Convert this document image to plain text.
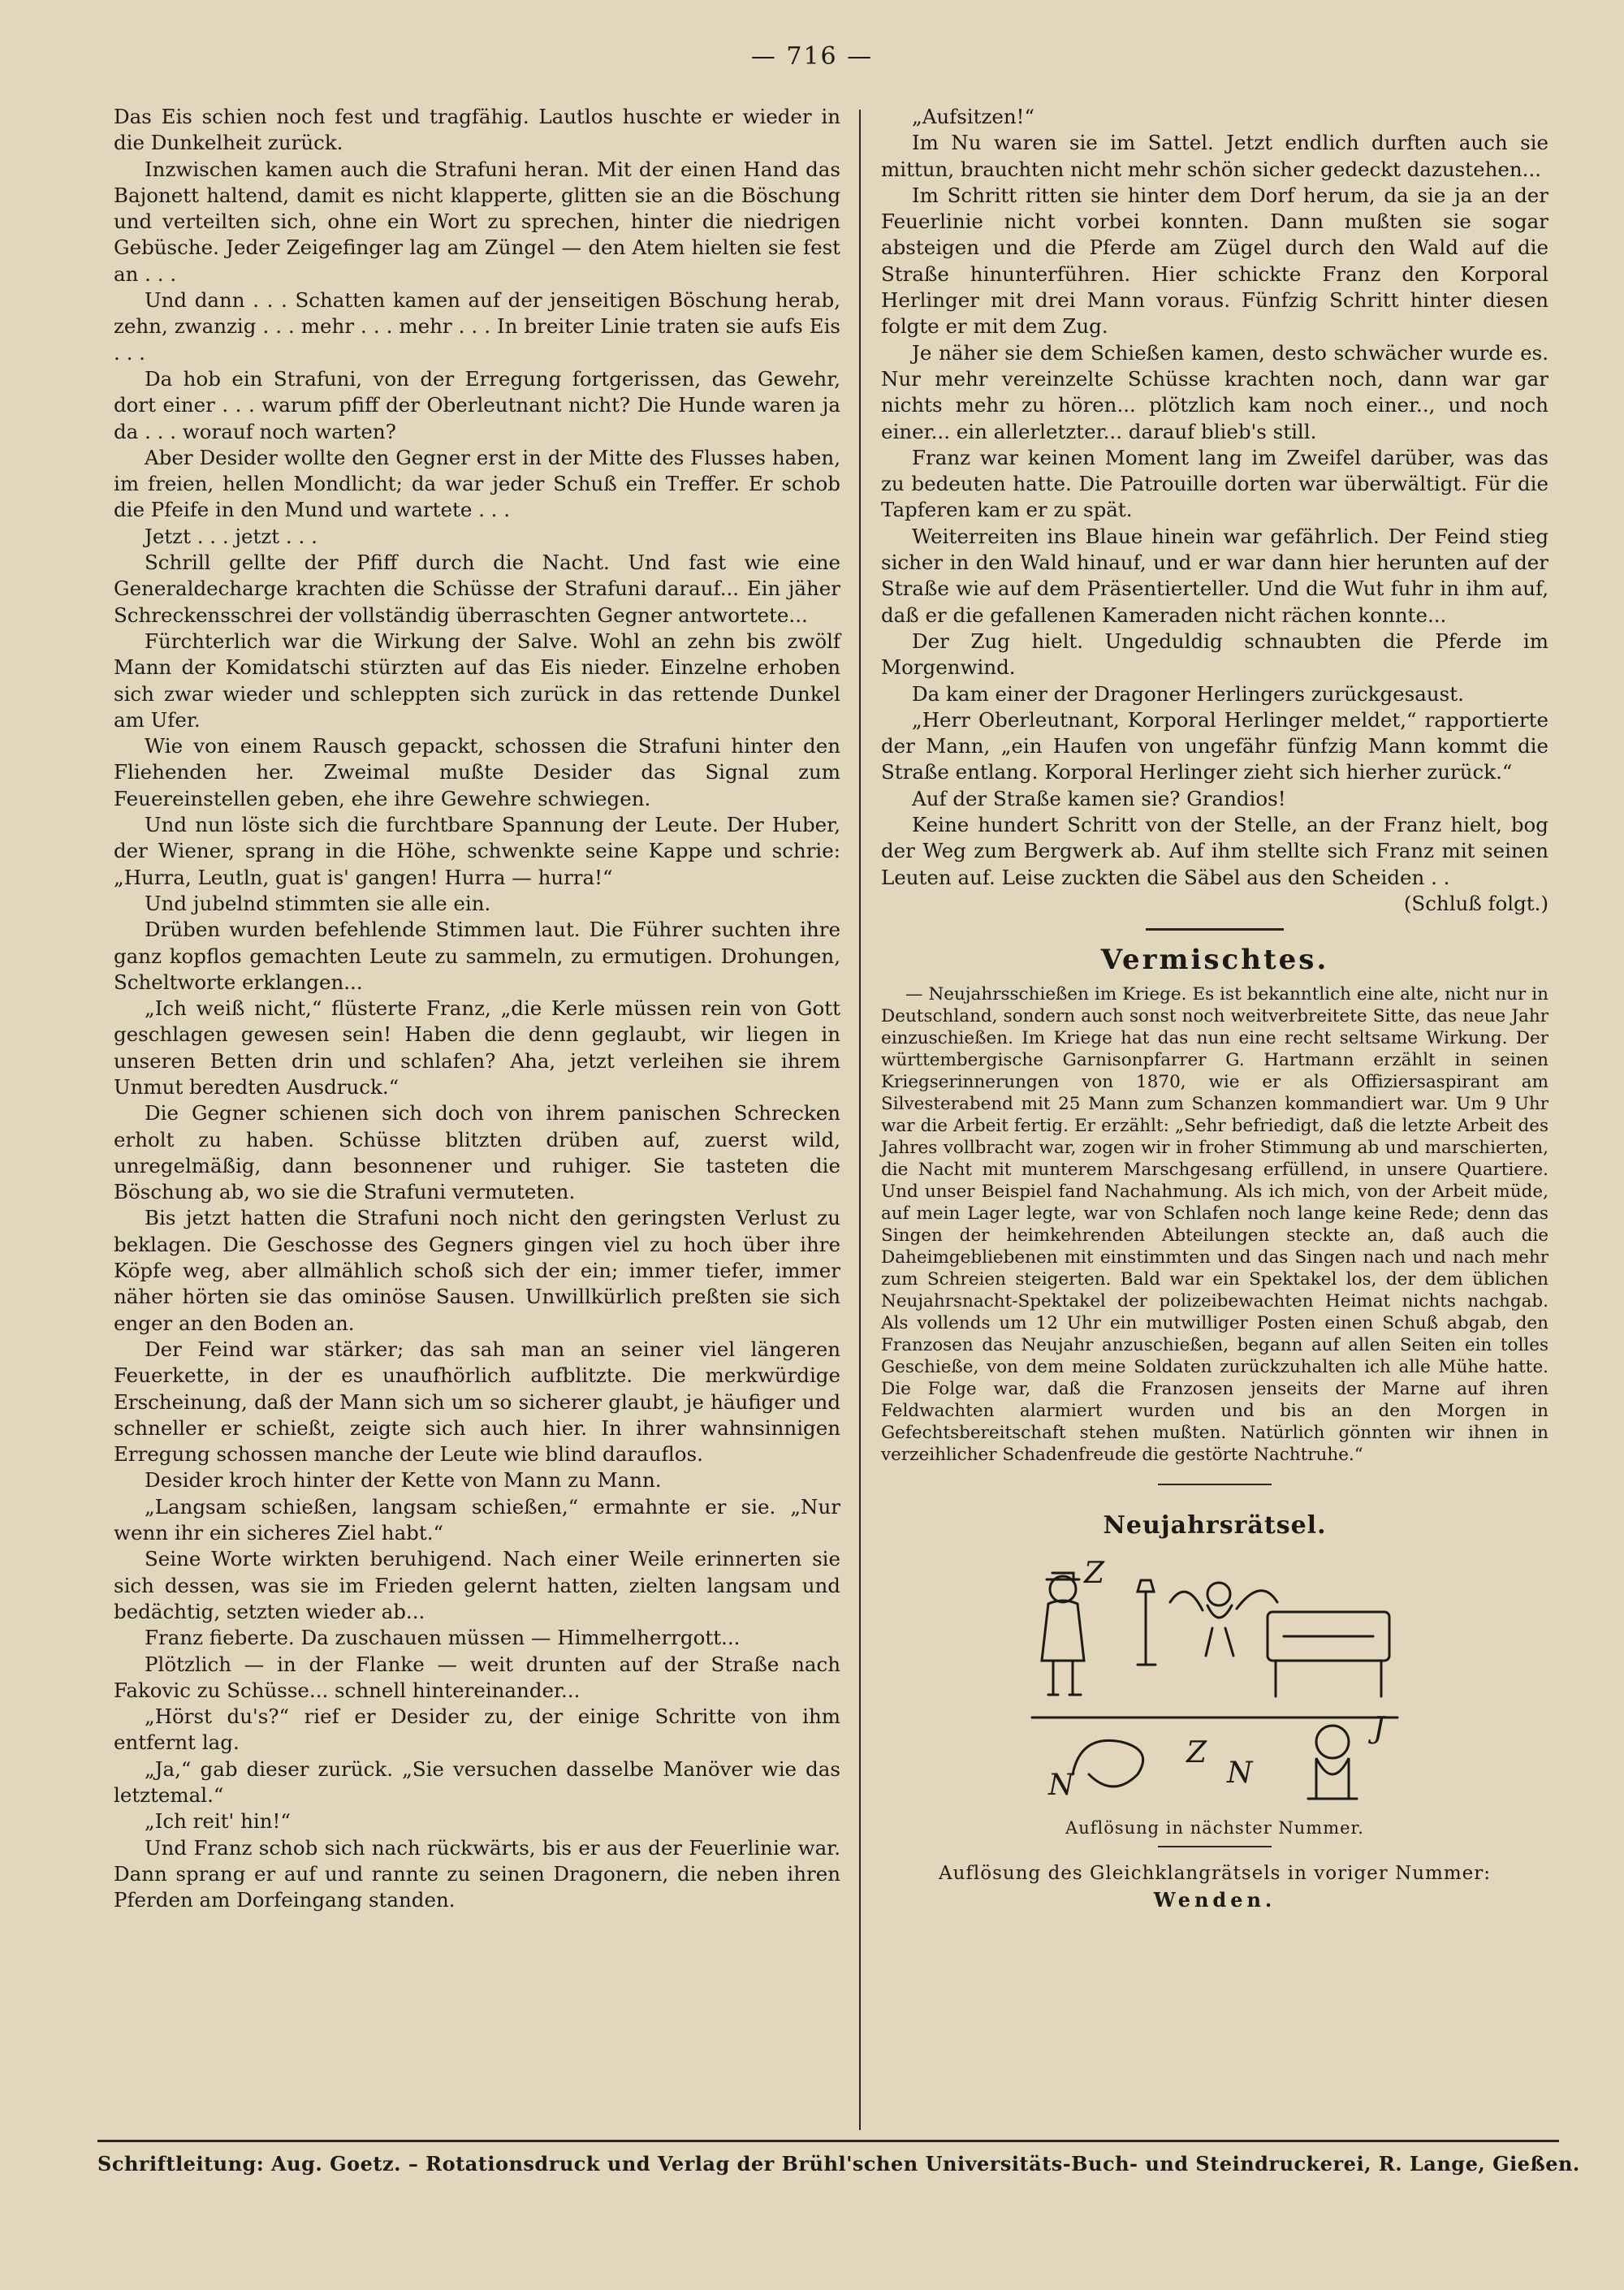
— 716 —

Das Eis schien noch fest und tragfähig. Lautlos huschte er wieder in die Dunkelheit zurück.

Inzwischen kamen auch die Strafuni heran. Mit der einen Hand das Bajonett haltend, damit es nicht klapperte, glitten sie an die Böschung und verteilten sich, ohne ein Wort zu sprechen, hinter die niedrigen Gebüsche. Jeder Zeigefinger lag am Züngel — den Atem hielten sie fest an . . .

Und dann . . . Schatten kamen auf der jenseitigen Böschung herab, zehn, zwanzig . . . mehr . . . mehr . . . In breiter Linie traten sie aufs Eis . . .

Da hob ein Strafuni, von der Erregung fortgerissen, das Gewehr, dort einer . . . warum pfiff der Oberleutnant nicht? Die Hunde waren ja da . . . worauf noch warten?

Aber Desider wollte den Gegner erst in der Mitte des Flusses haben, im freien, hellen Mondlicht; da war jeder Schuß ein Treffer. Er schob die Pfeife in den Mund und wartete . . .

Jetzt . . . jetzt . . .

Schrill gellte der Pfiff durch die Nacht. Und fast wie eine Generaldecharge krachten die Schüsse der Strafuni darauf... Ein jäher Schreckensschrei der vollständig überraschten Gegner antwortete...

Fürchterlich war die Wirkung der Salve. Wohl an zehn bis zwölf Mann der Komidatschi stürzten auf das Eis nieder. Einzelne erhoben sich zwar wieder und schleppten sich zurück in das rettende Dunkel am Ufer.

Wie von einem Rausch gepackt, schossen die Strafuni hinter den Fliehenden her. Zweimal mußte Desider das Signal zum Feuereinstellen geben, ehe ihre Gewehre schwiegen.

Und nun löste sich die furchtbare Spannung der Leute. Der Huber, der Wiener, sprang in die Höhe, schwenkte seine Kappe und schrie: „Hurra, Leutln, guat is' gangen! Hurra — hurra!“

Und jubelnd stimmten sie alle ein.

Drüben wurden befehlende Stimmen laut. Die Führer suchten ihre ganz kopflos gemachten Leute zu sammeln, zu ermutigen. Drohungen, Scheltworte erklangen...

„Ich weiß nicht,“ flüsterte Franz, „die Kerle müssen rein von Gott geschlagen gewesen sein! Haben die denn geglaubt, wir liegen in unseren Betten drin und schlafen? Aha, jetzt verleihen sie ihrem Unmut beredten Ausdruck.“

Die Gegner schienen sich doch von ihrem panischen Schrecken erholt zu haben. Schüsse blitzten drüben auf, zuerst wild, unregelmäßig, dann besonnener und ruhiger. Sie tasteten die Böschung ab, wo sie die Strafuni vermuteten.

Bis jetzt hatten die Strafuni noch nicht den geringsten Verlust zu beklagen. Die Geschosse des Gegners gingen viel zu hoch über ihre Köpfe weg, aber allmählich schoß sich der ein; immer tiefer, immer näher hörten sie das ominöse Sausen. Unwillkürlich preßten sie sich enger an den Boden an.

Der Feind war stärker; das sah man an seiner viel längeren Feuerkette, in der es unaufhörlich aufblitzte. Die merkwürdige Erscheinung, daß der Mann sich um so sicherer glaubt, je häufiger und schneller er schießt, zeigte sich auch hier. In ihrer wahnsinnigen Erregung schossen manche der Leute wie blind darauflos.

Desider kroch hinter der Kette von Mann zu Mann.

„Langsam schießen, langsam schießen,“ ermahnte er sie. „Nur wenn ihr ein sicheres Ziel habt.“

Seine Worte wirkten beruhigend. Nach einer Weile erinnerten sie sich dessen, was sie im Frieden gelernt hatten, zielten langsam und bedächtig, setzten wieder ab...

Franz fieberte. Da zuschauen müssen — Himmelherrgott...

Plötzlich — in der Flanke — weit drunten auf der Straße nach Fakovic zu Schüsse... schnell hintereinander...

„Hörst du's?“ rief er Desider zu, der einige Schritte von ihm entfernt lag.

„Ja,“ gab dieser zurück. „Sie versuchen dasselbe Manöver wie das letztemal.“

„Ich reit' hin!“

Und Franz schob sich nach rückwärts, bis er aus der Feuerlinie war. Dann sprang er auf und rannte zu seinen Dragonern, die neben ihren Pferden am Dorfeingang standen.

„Aufsitzen!“

Im Nu waren sie im Sattel. Jetzt endlich durften auch sie mittun, brauchten nicht mehr schön sicher gedeckt dazustehen...

Im Schritt ritten sie hinter dem Dorf herum, da sie ja an der Feuerlinie nicht vorbei konnten. Dann mußten sie sogar absteigen und die Pferde am Zügel durch den Wald auf die Straße hinunterführen. Hier schickte Franz den Korporal Herlinger mit drei Mann voraus. Fünfzig Schritt hinter diesen folgte er mit dem Zug.

Je näher sie dem Schießen kamen, desto schwächer wurde es. Nur mehr vereinzelte Schüsse krachten noch, dann war gar nichts mehr zu hören... plötzlich kam noch einer.., und noch einer... ein allerletzter... darauf blieb's still.

Franz war keinen Moment lang im Zweifel darüber, was das zu bedeuten hatte. Die Patrouille dorten war überwältigt. Für die Tapferen kam er zu spät.

Weiterreiten ins Blaue hinein war gefährlich. Der Feind stieg sicher in den Wald hinauf, und er war dann hier herunten auf der Straße wie auf dem Präsentierteller. Und die Wut fuhr in ihm auf, daß er die gefallenen Kameraden nicht rächen konnte...

Der Zug hielt. Ungeduldig schnaubten die Pferde im Morgenwind.

Da kam einer der Dragoner Herlingers zurückgesaust.

„Herr Oberleutnant, Korporal Herlinger meldet,“ rapportierte der Mann, „ein Haufen von ungefähr fünfzig Mann kommt die Straße entlang. Korporal Herlinger zieht sich hierher zurück.“

Auf der Straße kamen sie? Grandios!

Keine hundert Schritt von der Stelle, an der Franz hielt, bog der Weg zum Bergwerk ab. Auf ihm stellte sich Franz mit seinen Leuten auf. Leise zuckten die Säbel aus den Scheiden . .

(Schluß folgt.)

Vermischtes.

— Neujahrsschießen im Kriege. Es ist bekanntlich eine alte, nicht nur in Deutschland, sondern auch sonst noch weitverbreitete Sitte, das neue Jahr einzuschießen. Im Kriege hat das nun eine recht seltsame Wirkung. Der württembergische Garnisonpfarrer G. Hartmann erzählt in seinen Kriegserinnerungen von 1870, wie er als Offiziersaspirant am Silvesterabend mit 25 Mann zum Schanzen kommandiert war. Um 9 Uhr war die Arbeit fertig. Er erzählt: „Sehr befriedigt, daß die letzte Arbeit des Jahres vollbracht war, zogen wir in froher Stimmung ab und marschierten, die Nacht mit munterem Marschgesang erfüllend, in unsere Quartiere. Und unser Beispiel fand Nachahmung. Als ich mich, von der Arbeit müde, auf mein Lager legte, war von Schlafen noch lange keine Rede; denn das Singen der heimkehrenden Abteilungen steckte an, daß auch die Daheimgebliebenen mit einstimmten und das Singen nach und nach mehr zum Schreien steigerten. Bald war ein Spektakel los, der dem üblichen Neujahrsnacht-Spektakel der polizeibewachten Heimat nichts nachgab. Als vollends um 12 Uhr ein mutwilliger Posten einen Schuß abgab, den Franzosen das Neujahr anzuschießen, begann auf allen Seiten ein tolles Geschieße, von dem meine Soldaten zurückzuhalten ich alle Mühe hatte. Die Folge war, daß die Franzosen jenseits der Marne auf ihren Feldwachten alarmiert wurden und bis an den Morgen in Gefechtsbereitschaft stehen mußten. Natürlich gönnten wir ihnen in verzeihlicher Schadenfreude die gestörte Nachtruhe.“

Neujahrsrätsel.
Z
Z
N
N
J
Auflösung in nächster Nummer.
Auflösung des Gleichklangrätsels in voriger Nummer:
Wenden.
Schriftleitung: Aug. Goetz. – Rotationsdruck und Verlag der Brühl'schen Universitäts-Buch- und Steindruckerei, R. Lange, Gießen.
